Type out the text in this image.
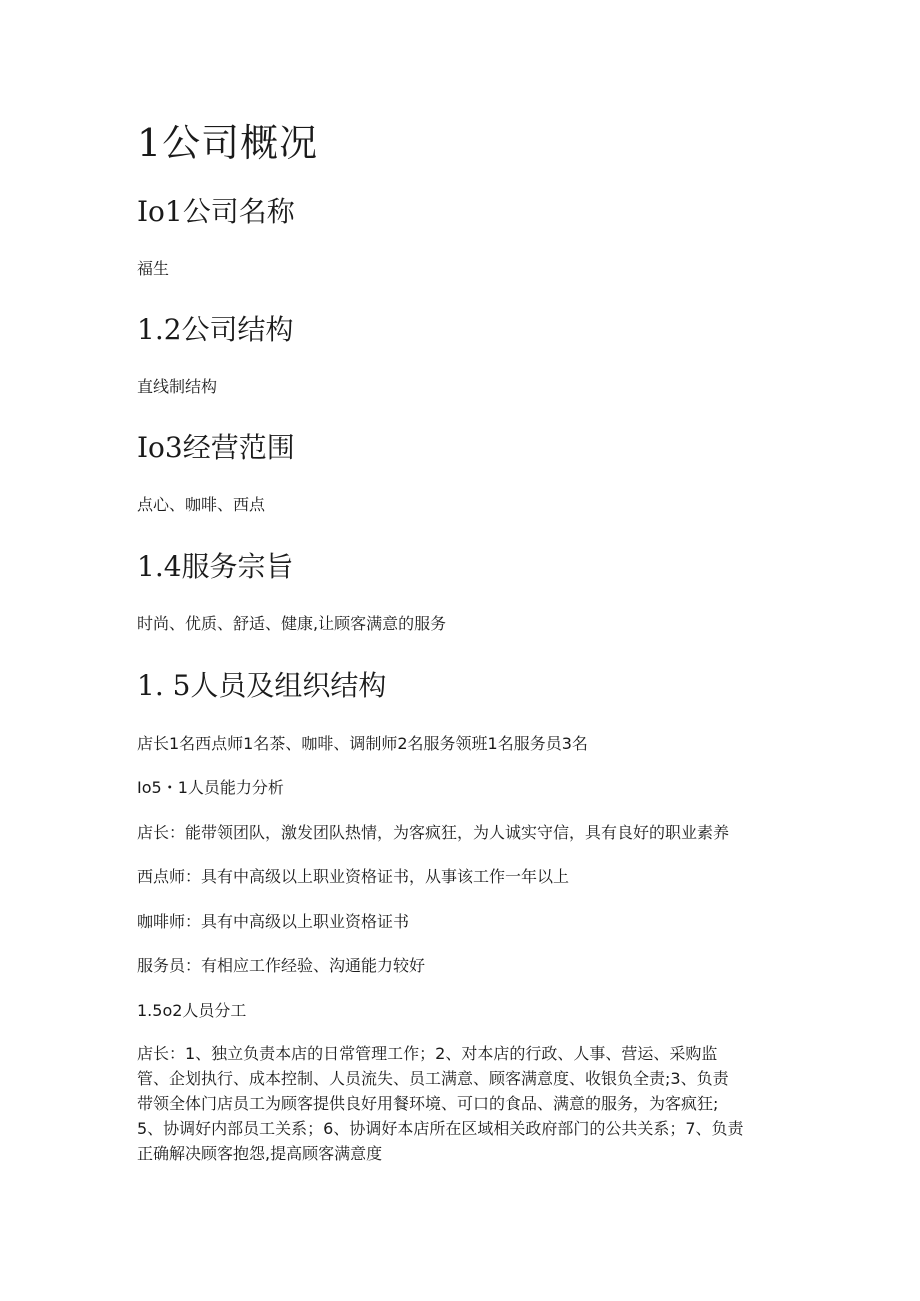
1公司概况
Io1公司名称
福生
1.2公司结构
直线制结构
Io3经营范围
点心、咖啡、西点
1.4服务宗旨
时尚、优质、舒适、健康,让顾客满意的服务
1. 5人员及组织结构
店长1名西点师1名茶、咖啡、调制师2名服务领班1名服务员3名
Io5・1人员能力分析
店长：能带领团队，激发团队热情，为客疯狂，为人诚实守信，具有良好的职业素养
西点师：具有中高级以上职业资格证书，从事该工作一年以上
咖啡师：具有中高级以上职业资格证书
服务员：有相应工作经验、沟通能力较好
1.5o2人员分工
店长：1、独立负责本店的日常管理工作；2、对本店的行政、人事、营运、采购监
管、企划执行、成本控制、人员流失、员工满意、顾客满意度、收银负全责;3、负责
带领全体门店员工为顾客提供良好用餐环境、可口的食品、满意的服务，为客疯狂;
5、协调好内部员工关系；6、协调好本店所在区域相关政府部门的公共关系；7、负责
正确解决顾客抱怨,提高顾客满意度
